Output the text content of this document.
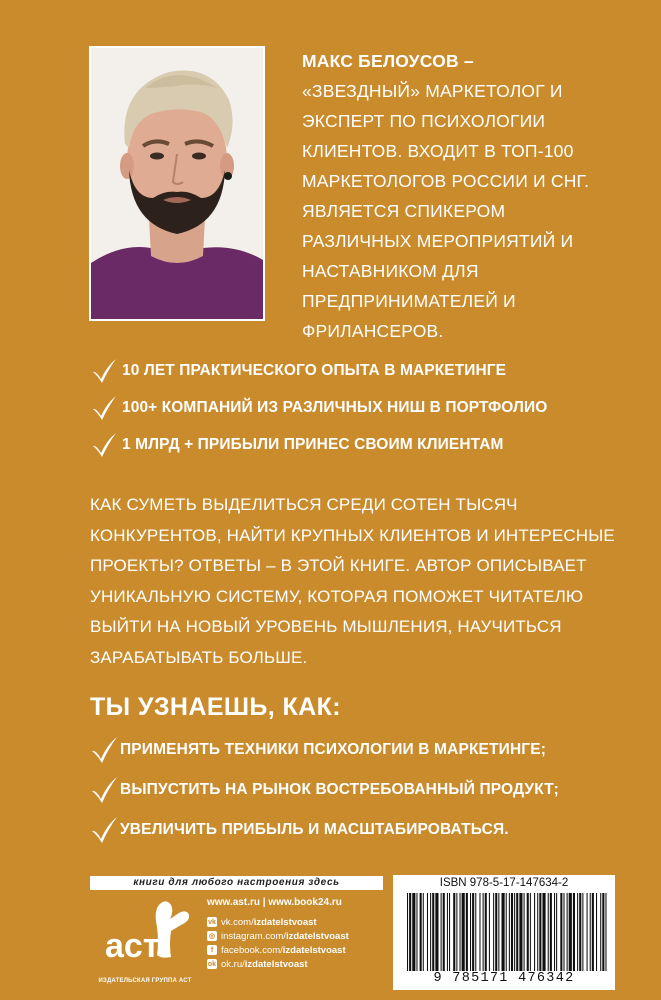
МАКС БЕЛОУСОВ –
«ЗВЕЗДНЫЙ» МАРКЕТОЛОГ И
ЭКСПЕРТ ПО ПСИХОЛОГИИ
КЛИЕНТОВ. ВХОДИТ В ТОП-100
МАРКЕТОЛОГОВ РОССИИ И СНГ.
ЯВЛЯЕТСЯ СПИКЕРОМ
РАЗЛИЧНЫХ МЕРОПРИЯТИЙ И
НАСТАВНИКОМ ДЛЯ
ПРЕДПРИНИМАТЕЛЕЙ И
ФРИЛАНСЕРОВ.
10 ЛЕТ ПРАКТИЧЕСКОГО ОПЫТА В МАРКЕТИНГЕ
100+ КОМПАНИЙ ИЗ РАЗЛИЧНЫХ НИШ В ПОРТФОЛИО
1 МЛРД + ПРИБЫЛИ ПРИНЕС СВОИМ КЛИЕНТАМ
КАК СУМЕТЬ ВЫДЕЛИТЬСЯ СРЕДИ СОТЕН ТЫСЯЧ
КОНКУРЕНТОВ, НАЙТИ КРУПНЫХ КЛИЕНТОВ И ИНТЕРЕСНЫЕ
ПРОЕКТЫ? ОТВЕТЫ – В ЭТОЙ КНИГЕ. АВТОР ОПИСЫВАЕТ
УНИКАЛЬНУЮ СИСТЕМУ, КОТОРАЯ ПОМОЖЕТ ЧИТАТЕЛЮ
ВЫЙТИ НА НОВЫЙ УРОВЕНЬ МЫШЛЕНИЯ, НАУЧИТЬСЯ
ЗАРАБАТЫВАТЬ БОЛЬШЕ.
ТЫ УЗНАЕШЬ, КАК:
ПРИМЕНЯТЬ ТЕХНИКИ ПСИХОЛОГИИ В МАРКЕТИНГЕ;
ВЫПУСТИТЬ НА РЫНОК ВОСТРЕБОВАННЫЙ ПРОДУКТ;
УВЕЛИЧИТЬ ПРИБЫЛЬ И МАСШТАБИРОВАТЬСЯ.
книги для любого настроения здесь
аст
ИЗДАТЕЛЬСКАЯ ГРУППА АСТ
www.ast.ru | www.book24.ru
vk vk.com/ izdatelstvoast
◎ instagram.com/ izdatelstvoast
f facebook.com/ izdatelstvoast
ok ok.ru/ izdatelstvoast
ISBN 978-5-17-147634-2
9 785171 476342
